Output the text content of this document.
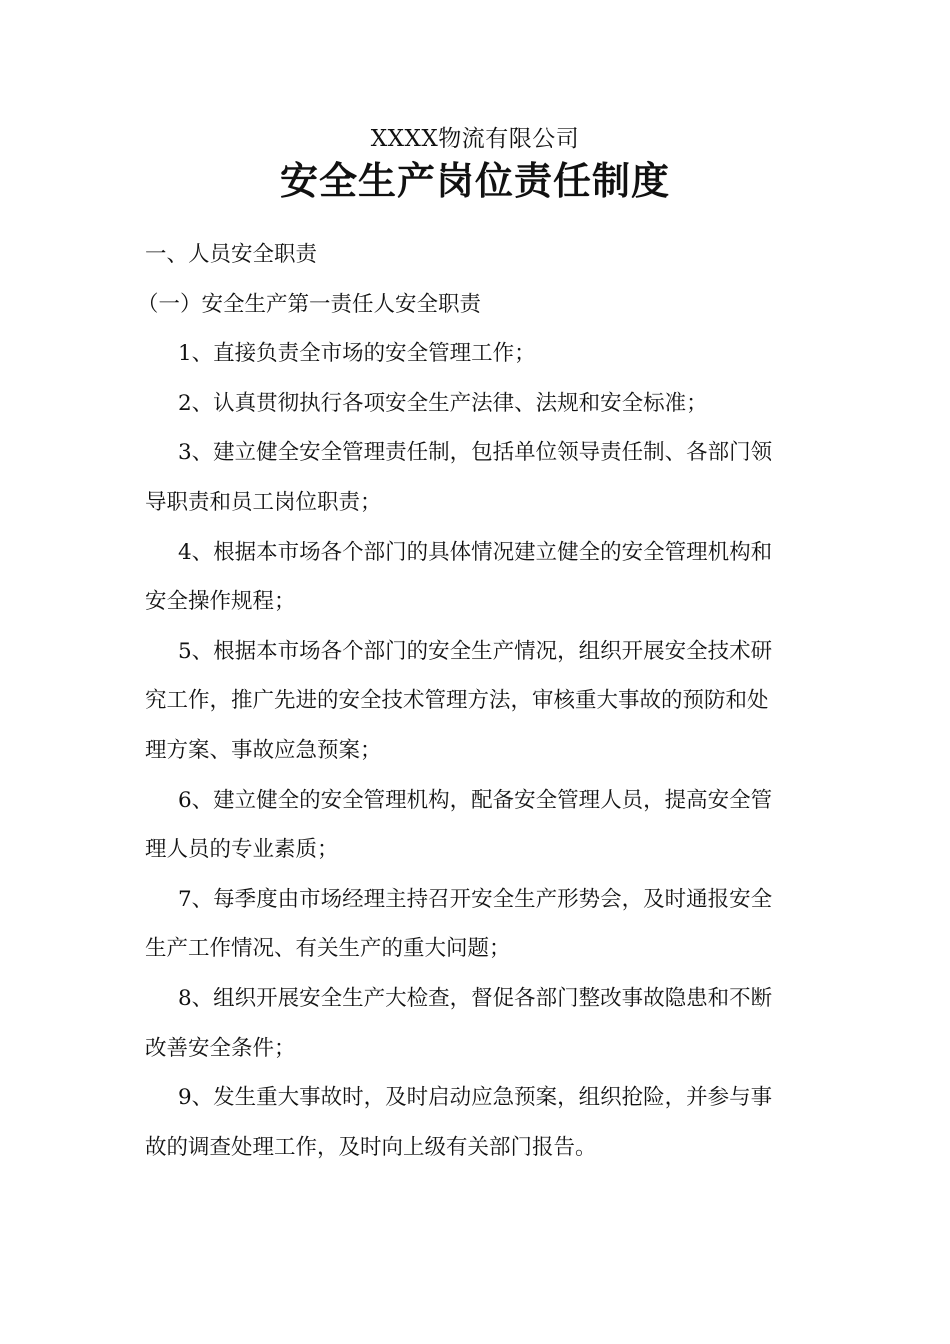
XXXX物流有限公司
安全生产岗位责任制度
一、人员安全职责
（一）安全生产第一责任人安全职责
1、直接负责全市场的安全管理工作；
2、认真贯彻执行各项安全生产法律、法规和安全标准；
3、建立健全安全管理责任制，包括单位领导责任制、各部门领
导职责和员工岗位职责；
4、根据本市场各个部门的具体情况建立健全的安全管理机构和
安全操作规程；
5、根据本市场各个部门的安全生产情况，组织开展安全技术研
究工作，推广先进的安全技术管理方法，审核重大事故的预防和处
理方案、事故应急预案；
6、建立健全的安全管理机构，配备安全管理人员，提高安全管
理人员的专业素质；
7、每季度由市场经理主持召开安全生产形势会，及时通报安全
生产工作情况、有关生产的重大问题；
8、组织开展安全生产大检查，督促各部门整改事故隐患和不断
改善安全条件；
9、发生重大事故时，及时启动应急预案，组织抢险，并参与事
故的调查处理工作，及时向上级有关部门报告。
